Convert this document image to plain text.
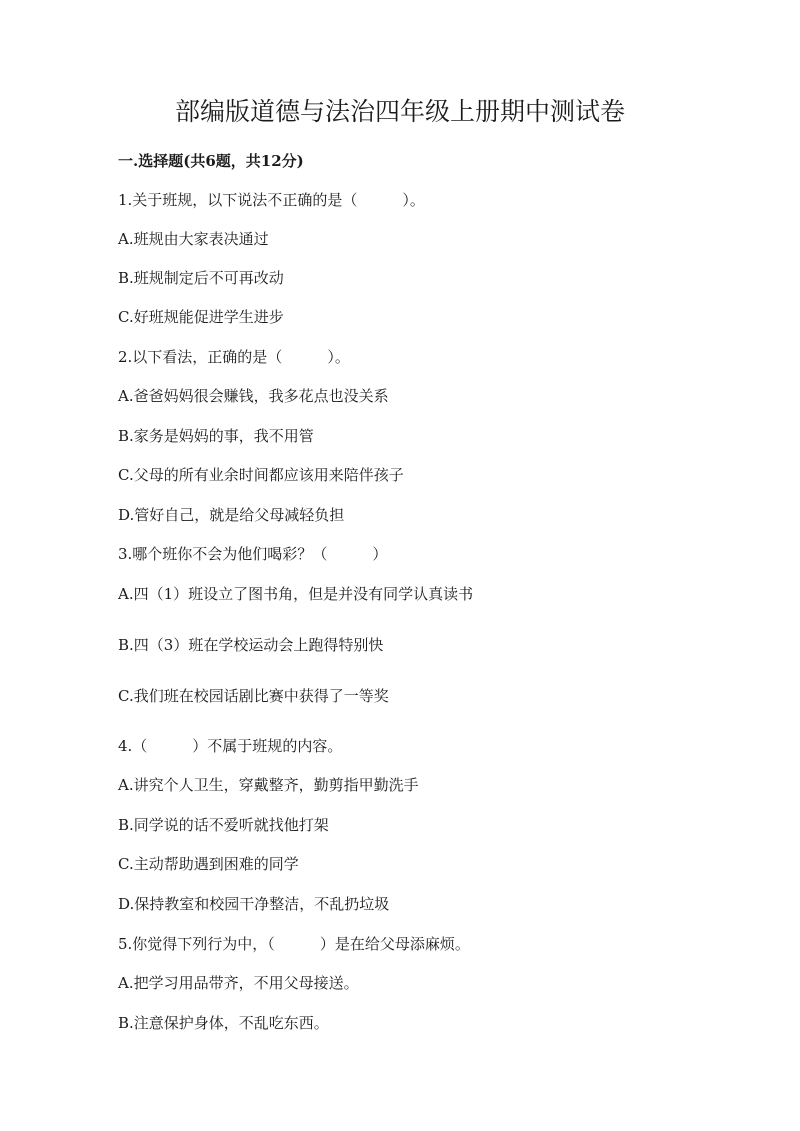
部编版道德与法治四年级上册期中测试卷

一.选择题(共6题，共12分)

1.关于班规，以下说法不正确的是（　　　）。

A.班规由大家表决通过

B.班规制定后不可再改动

C.好班规能促进学生进步

2.以下看法，正确的是（　　　）。

A.爸爸妈妈很会赚钱，我多花点也没关系

B.家务是妈妈的事，我不用管

C.父母的所有业余时间都应该用来陪伴孩子

D.管好自己，就是给父母减轻负担

3.哪个班你不会为他们喝彩？（　　　）

A.四（1）班设立了图书角，但是并没有同学认真读书

B.四（3）班在学校运动会上跑得特别快

C.我们班在校园话剧比赛中获得了一等奖

4.（　　　）不属于班规的内容。

A.讲究个人卫生，穿戴整齐，勤剪指甲勤洗手

B.同学说的话不爱听就找他打架

C.主动帮助遇到困难的同学

D.保持教室和校园干净整洁，不乱扔垃圾

5.你觉得下列行为中，（　　　）是在给父母添麻烦。

A.把学习用品带齐，不用父母接送。

B.注意保护身体，不乱吃东西。
